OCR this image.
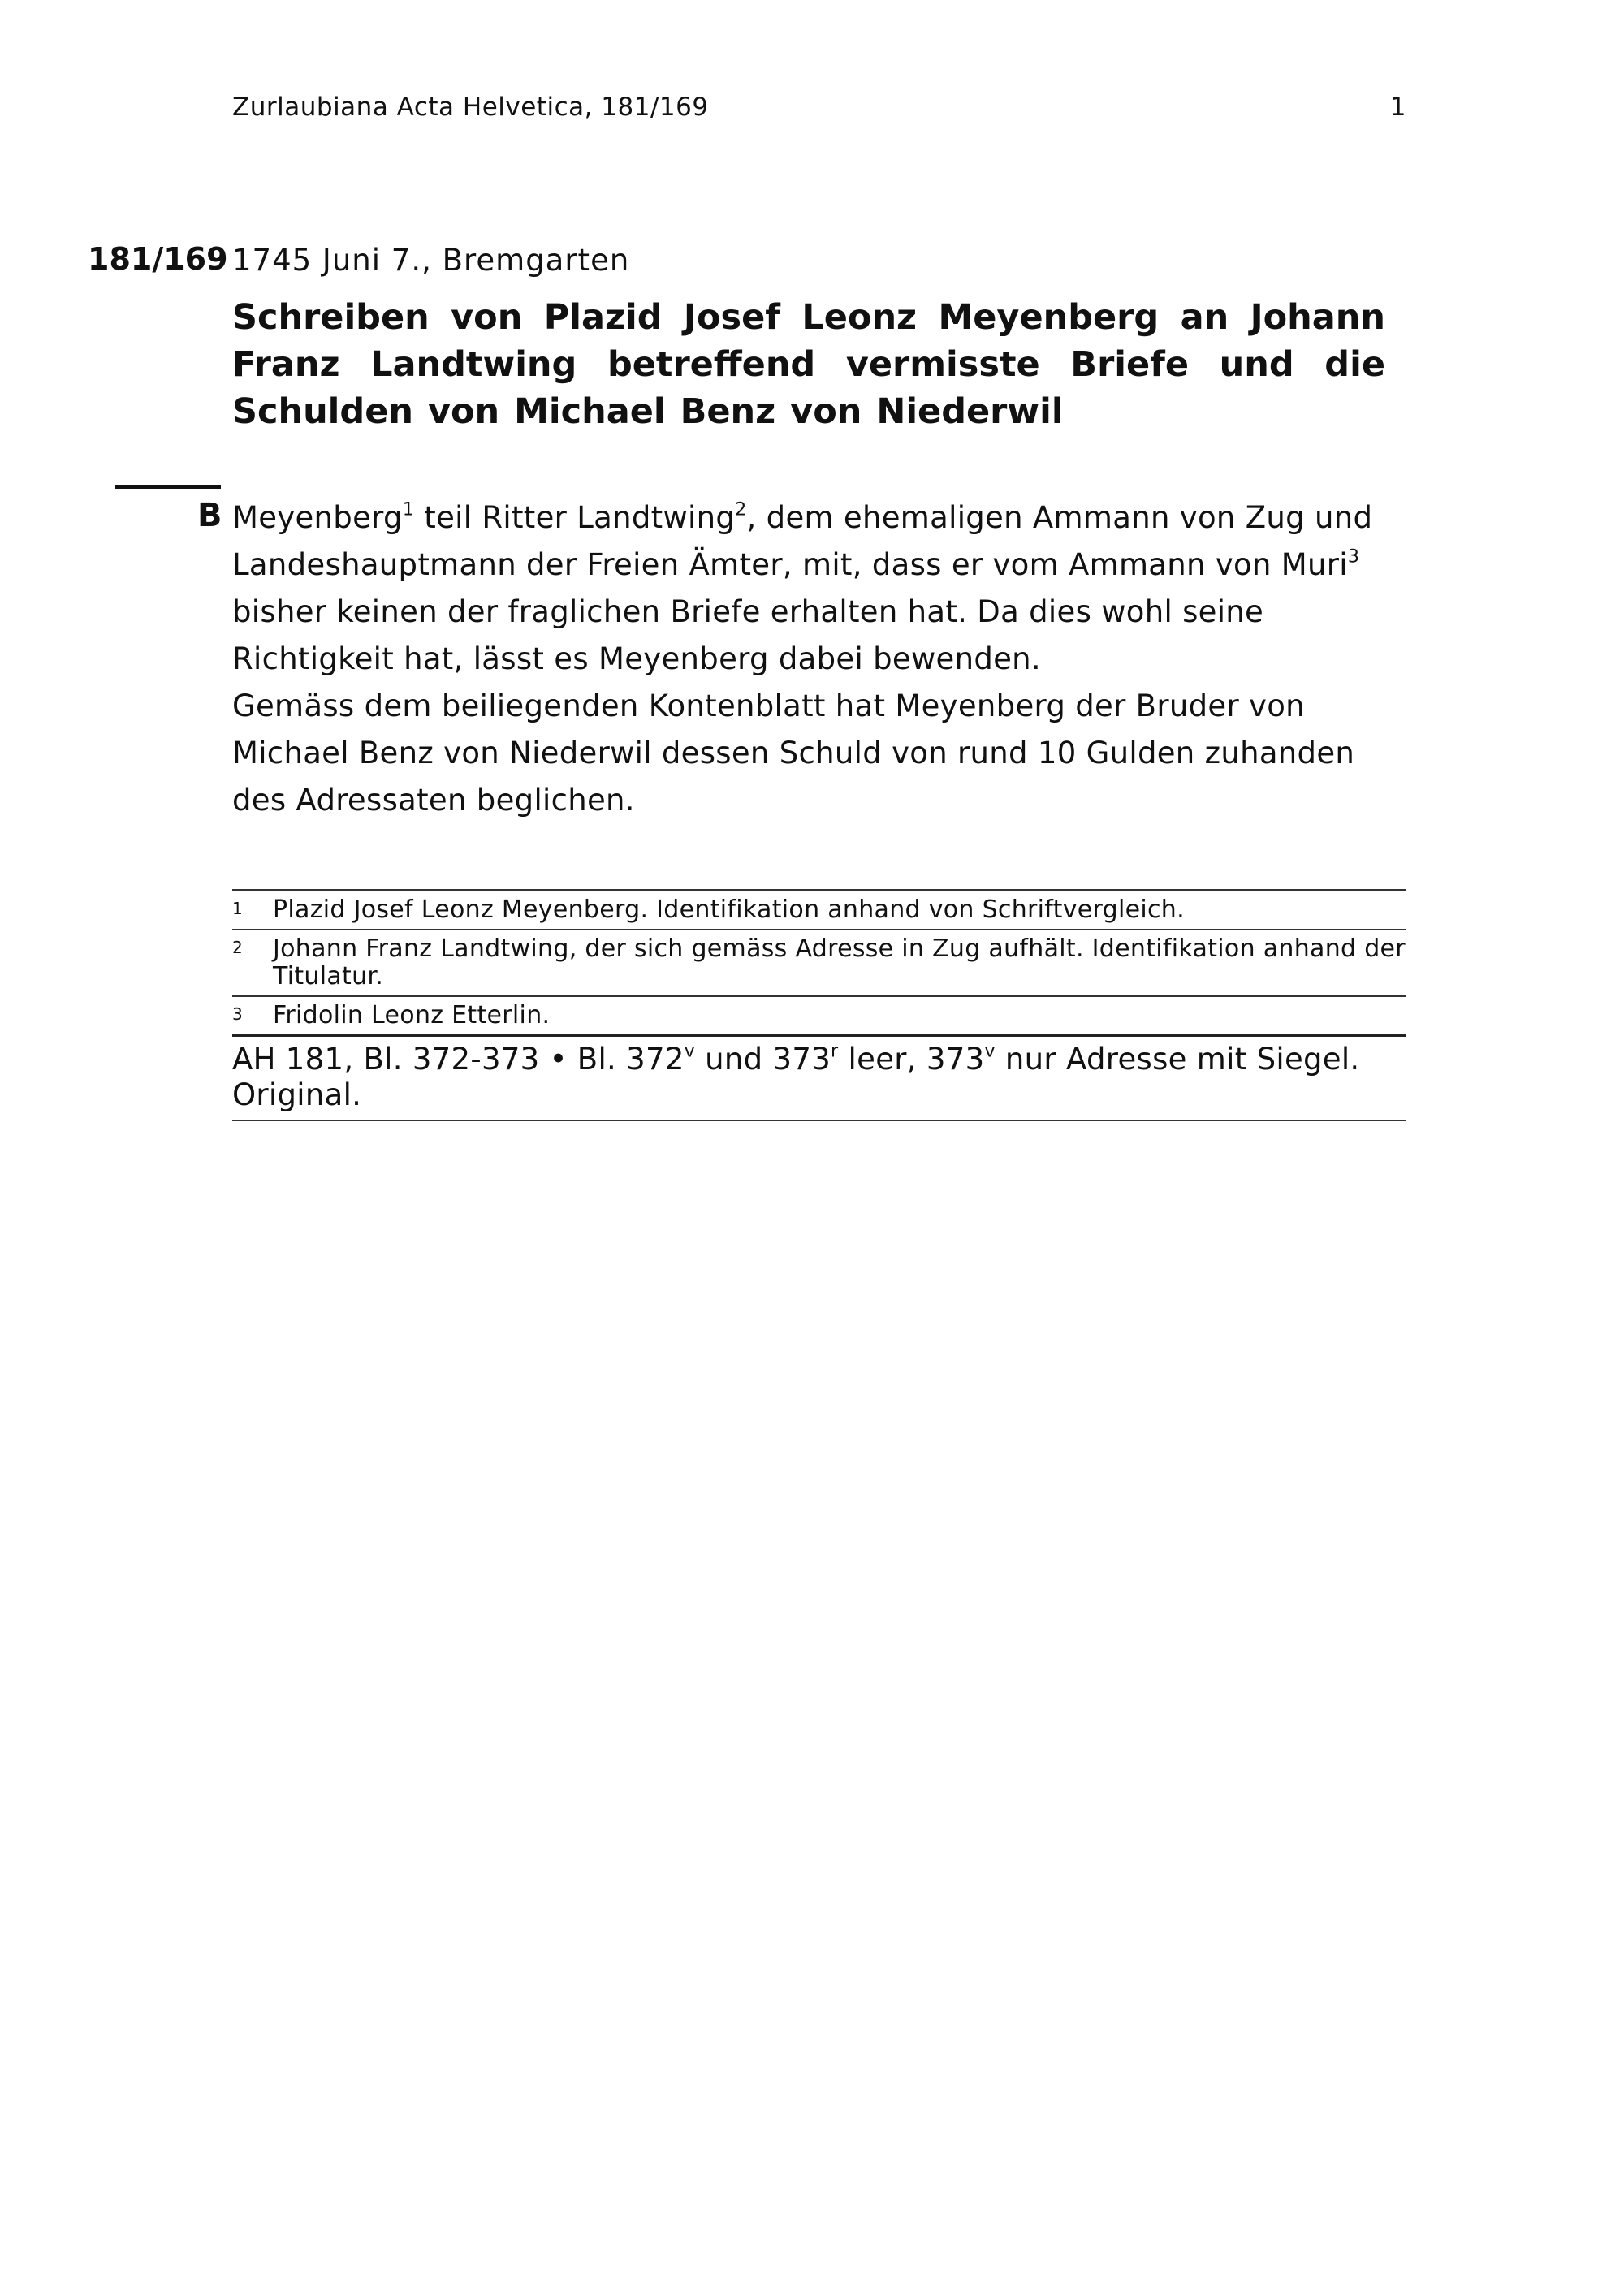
Zurlaubiana Acta Helvetica, 181/169	1
181/169 1745 Juni 7., Bremgarten
Schreiben von Plazid Josef Leonz Meyenberg an Johann Franz Landtwing betreffend vermisste Briefe und die Schulden von Michael Benz von Niederwil
B Meyenberg$^1$ teil Ritter Landtwing$^2$, dem ehemaligen Ammann von Zug und Landeshauptmann der Freien Ämter, mit, dass er vom Ammann von Muri$^3$ bisher keinen der fraglichen Briefe erhalten hat. Da dies wohl seine Richtigkeit hat, lässt es Meyenberg dabei bewenden.

Gemäss dem beiliegenden Kontenblatt hat Meyenberg der Bruder von Michael Benz von Niederwil dessen Schuld von rund 10 Gulden zuhanden des Adressaten beglichen.

1 Plazid Josef Leonz Meyenberg. Identifikation anhand von Schriftvergleich.
2 Johann Franz Landtwing, der sich gemäss Adresse in Zug aufhält. Identifikation anhand der Titulatur.
3 Fridolin Leonz Etterlin.
AH 181, Bl. 372-373 • Bl. 372$^v$ und 373$^r$ leer, 373$^v$ nur Adresse mit Siegel.
Original.
